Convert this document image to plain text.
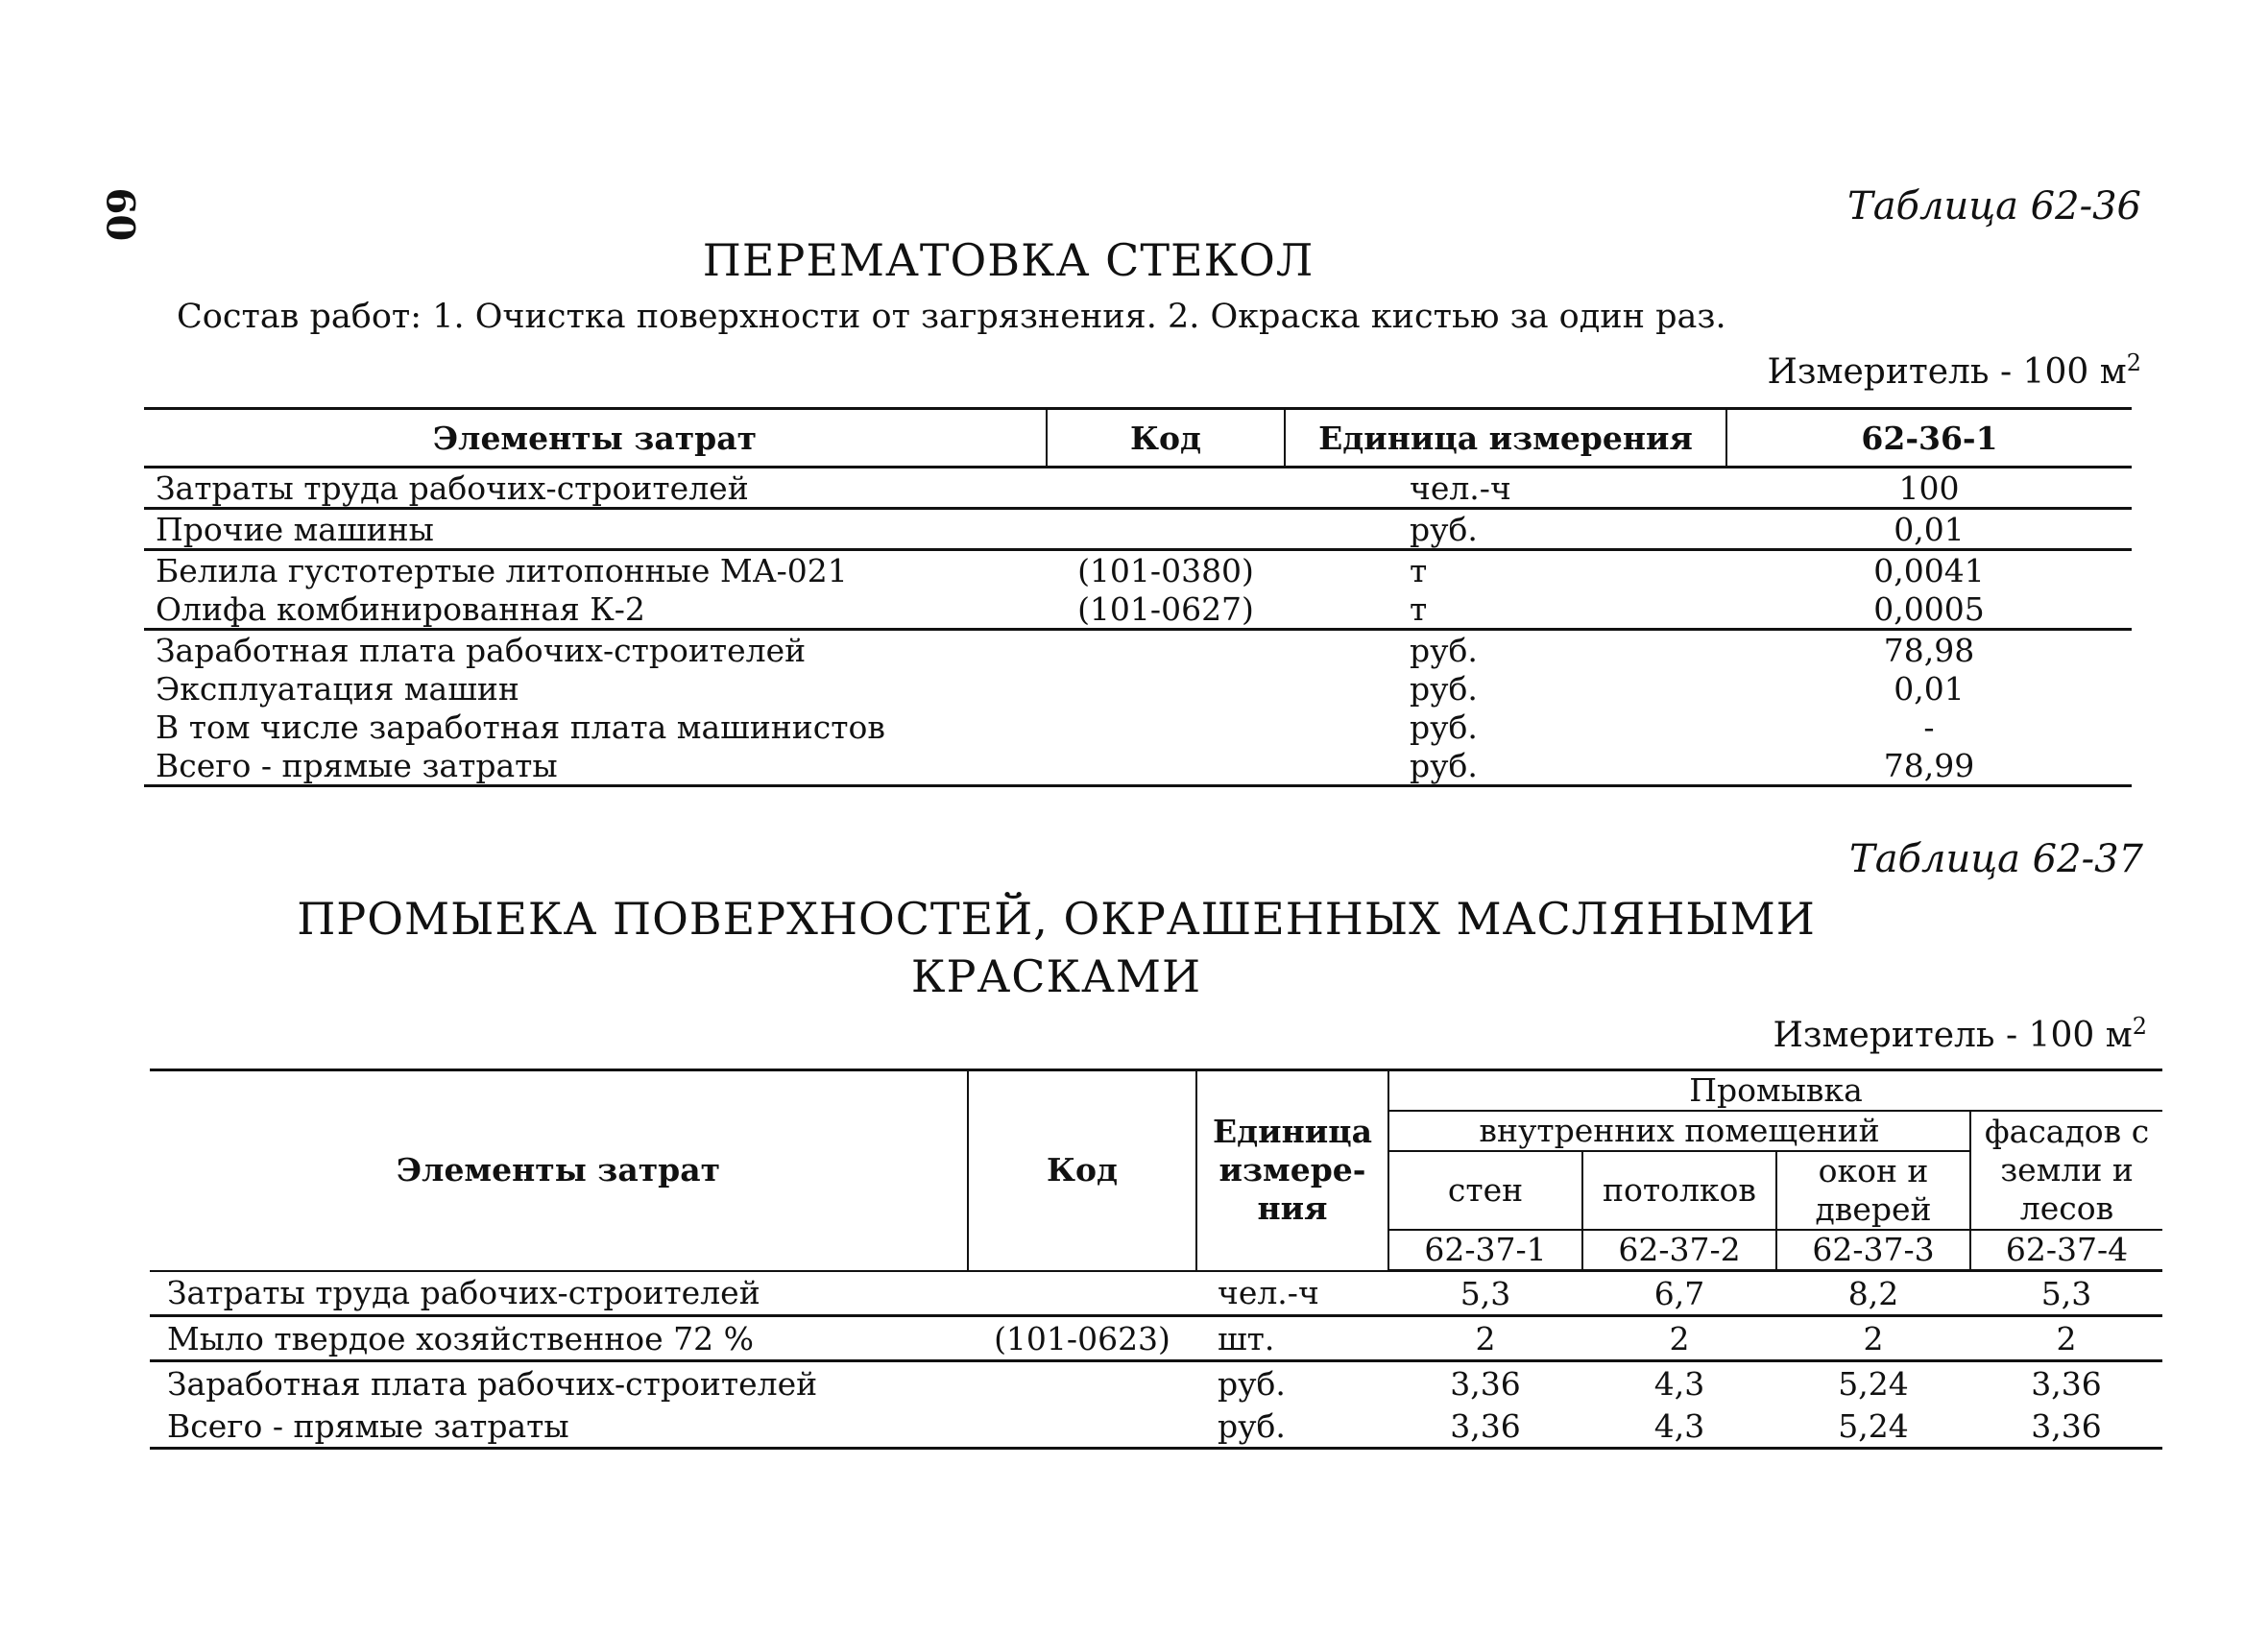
60	Таблица 62-36
ПЕРЕМАТОВКА СТЕКОЛ
Состав работ: 1. Очистка поверхности от загрязнения. 2. Окраска кистью за один раз.
Измеритель - 100 $м^2$
Элементы затрат	Код	Единица измерения	62-36-1
Затраты труда рабочих-строителей		чел.-ч	100
Прочие машины		руб.	0,01
Белила густотертые литопонные МА-021	(101-0380)	т	0,0041
Олифа комбинированная К-2	(101-0627)	т	0,0005
Заработная плата рабочих-строителей		руб.	78,98
Эксплуатация машин		руб.	0,01
В том числе заработная плата машинистов		руб.	-
Всего - прямые затраты		руб.	78,99
Таблица 62-37
ПРОМЫЕКА ПОВЕРХНОСТЕЙ, ОКРАШЕННЫХ МАСЛЯНЫМИ
КРАСКАМИ
Измеритель - 100 $м^2$
Элементы затрат	Код	Единица измере-ния	Промывка			
			внутренних помещений			фасадов с земли и лесов
			стен	потолков	окон и дверей	
			62-37-1	62-37-2	62-37-3	62-37-4
Затраты труда рабочих-строителей		чел.-ч	5,3	6,7	8,2	5,3
Мыло твердое хозяйственное 72 %	(101-0623)	шт.	2	2	2	2
Заработная плата рабочих-строителей		руб.	3,36	4,3	5,24	3,36
Всего - прямые затраты		руб.	3,36	4,3	5,24	3,36
